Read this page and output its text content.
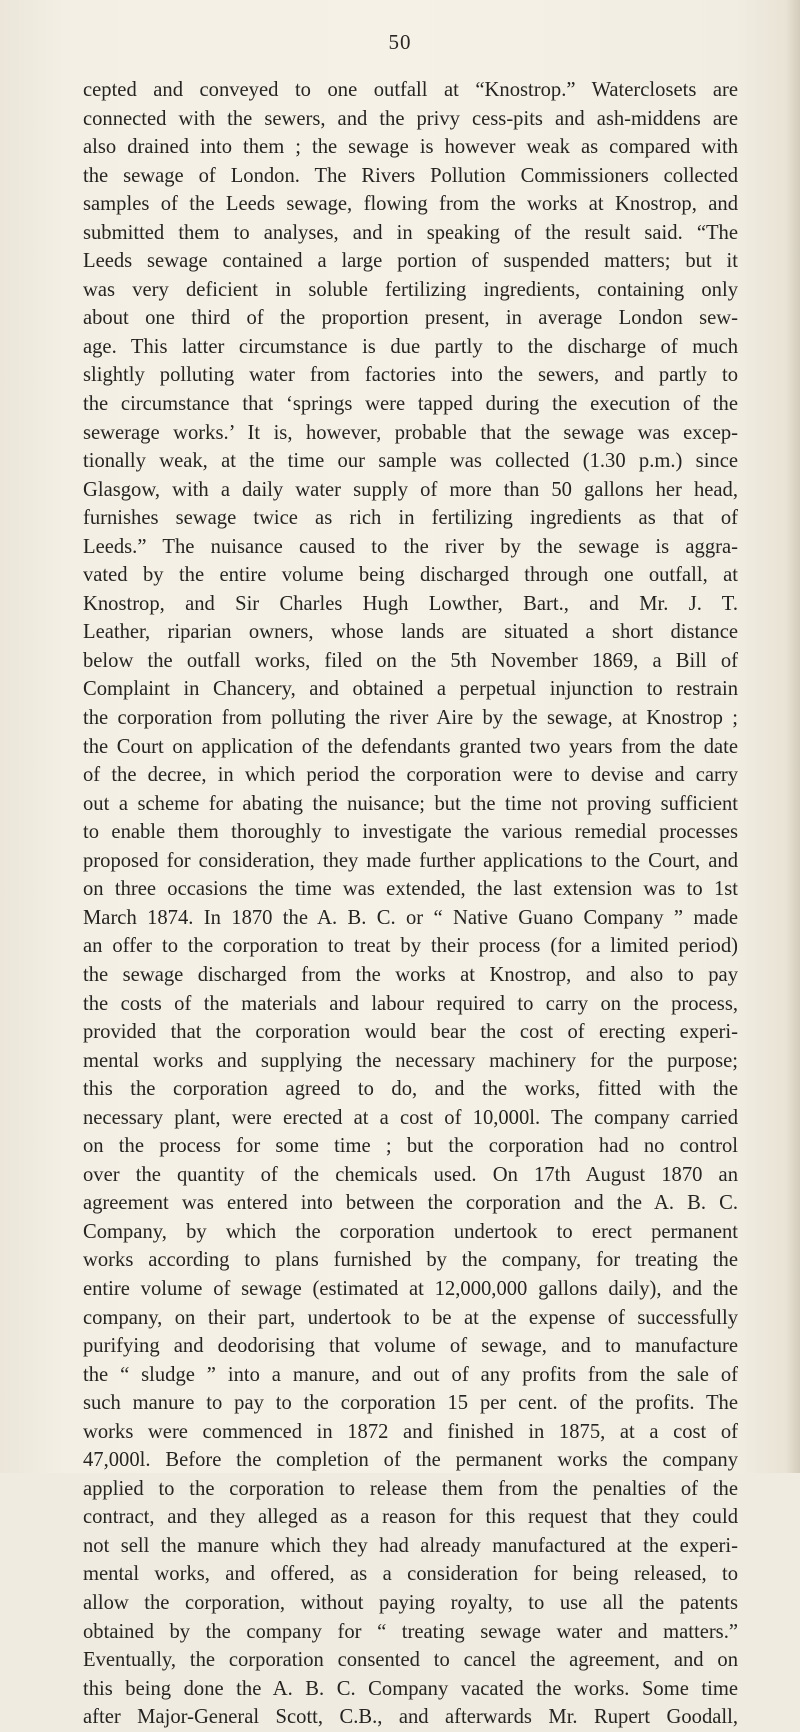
50
cepted and conveyed to one outfall at “Knostrop.” Waterclosets are
connected with the sewers, and the privy cess-pits and ash-middens are
also drained into them ; the sewage is however weak as compared with
the sewage of London. The Rivers Pollution Commissioners collected
samples of the Leeds sewage, flowing from the works at Knostrop, and
submitted them to analyses, and in speaking of the result said. “The
Leeds sewage contained a large portion of suspended matters; but it
was very deficient in soluble fertilizing ingredients, containing only
about one third of the proportion present, in average London sew-
age. This latter circumstance is due partly to the discharge of much
slightly polluting water from factories into the sewers, and partly to
the circumstance that ‘springs were tapped during the execution of the
sewerage works.’ It is, however, probable that the sewage was excep-
tionally weak, at the time our sample was collected (1.30 p.m.) since
Glasgow, with a daily water supply of more than 50 gallons her head,
furnishes sewage twice as rich in fertilizing ingredients as that of
Leeds.” The nuisance caused to the river by the sewage is aggra-
vated by the entire volume being discharged through one outfall, at
Knostrop, and Sir Charles Hugh Lowther, Bart., and Mr. J. T.
Leather, riparian owners, whose lands are situated a short distance
below the outfall works, filed on the 5th November 1869, a Bill of
Complaint in Chancery, and obtained a perpetual injunction to restrain
the corporation from polluting the river Aire by the sewage, at Knostrop ;
the Court on application of the defendants granted two years from the date
of the decree, in which period the corporation were to devise and carry
out a scheme for abating the nuisance; but the time not proving sufficient
to enable them thoroughly to investigate the various remedial processes
proposed for consideration, they made further applications to the Court, and
on three occasions the time was extended, the last extension was to 1st
March 1874. In 1870 the A. B. C. or “ Native Guano Company ” made
an offer to the corporation to treat by their process (for a limited period)
the sewage discharged from the works at Knostrop, and also to pay
the costs of the materials and labour required to carry on the process,
provided that the corporation would bear the cost of erecting experi-
mental works and supplying the necessary machinery for the purpose;
this the corporation agreed to do, and the works, fitted with the
necessary plant, were erected at a cost of 10,000l. The company carried
on the process for some time ; but the corporation had no control
over the quantity of the chemicals used. On 17th August 1870 an
agreement was entered into between the corporation and the A. B. C.
Company, by which the corporation undertook to erect permanent
works according to plans furnished by the company, for treating the
entire volume of sewage (estimated at 12,000,000 gallons daily), and the
company, on their part, undertook to be at the expense of successfully
purifying and deodorising that volume of sewage, and to manufacture
the “ sludge ” into a manure, and out of any profits from the sale of
such manure to pay to the corporation 15 per cent. of the profits. The
works were commenced in 1872 and finished in 1875, at a cost of
47,000l. Before the completion of the permanent works the company
applied to the corporation to release them from the penalties of the
contract, and they alleged as a reason for this request that they could
not sell the manure which they had already manufactured at the experi-
mental works, and offered, as a consideration for being released, to
allow the corporation, without paying royalty, to use all the patents
obtained by the company for “ treating sewage water and matters.”
Eventually, the corporation consented to cancel the agreement, and on
this being done the A. B. C. Company vacated the works. Some time
after Major-General Scott, C.B., and afterwards Mr. Rupert Goodall,
